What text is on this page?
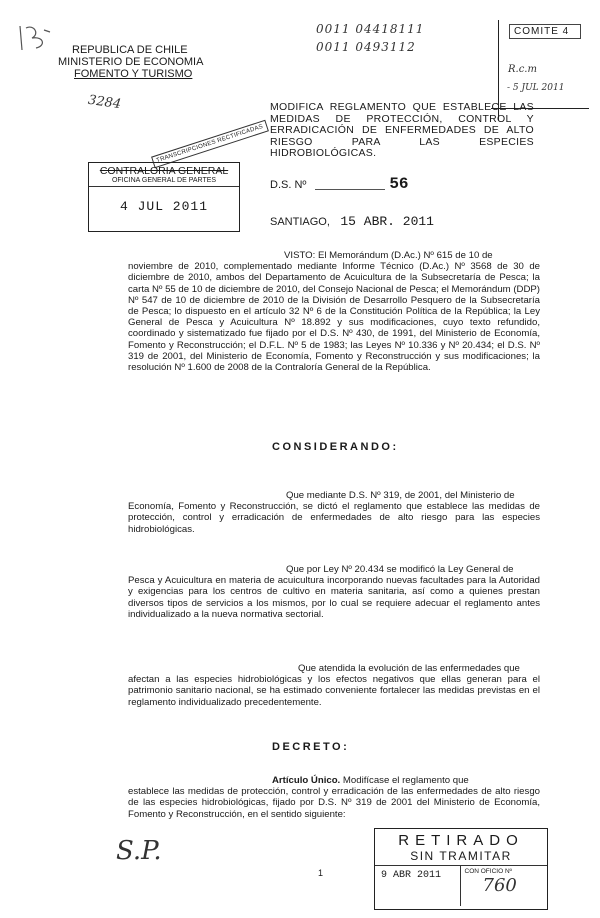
REPUBLICA DE CHILE
MINISTERIO DE ECONOMIA
FOMENTO Y TURISMO
0011 04418111
0011 0493112
COMITE 4
- 5 JUL 2011
R.c.m
3284	MODIFICA REGLAMENTO QUE ESTABLECE LAS MEDIDAS DE PROTECCIÓN, CONTROL Y ERRADICACIÓN DE ENFERMEDADES DE ALTO RIESGO PARA LAS ESPECIES HIDROBIOLÓGICAS.
TRANSCRIPCIONES RECTIFICADAS
CONTRALORIA GENERAL
OFICINA GENERAL DE PARTES
4 JUL 2011
D.S. Nº	56
SANTIAGO, 15 ABR. 2011
VISTO: El Memorándum (D.Ac.) Nº 615 de 10 de
noviembre de 2010, complementado mediante Informe Técnico (D.Ac.) Nº 3568 de 30 de diciembre de 2010, ambos del Departamento de Acuicultura de la Subsecretaría de Pesca; la carta Nº 55 de 10 de diciembre de 2010, del Consejo Nacional de Pesca; el Memorándum (DDP) Nº 547 de 10 de diciembre de 2010 de la División de Desarrollo Pesquero de la Subsecretaría de Pesca; lo dispuesto en el artículo 32 Nº 6 de la Constitución Política de la República; la Ley General de Pesca y Acuicultura Nº 18.892 y sus modificaciones, cuyo texto refundido, coordinado y sistematizado fue fijado por el D.S. Nº 430, de 1991, del Ministerio de Economía, Fomento y Reconstrucción; el D.F.L. Nº 5 de 1983; las Leyes Nº 10.336 y Nº 20.434; el D.S. Nº 319 de 2001, del Ministerio de Economía, Fomento y Reconstrucción y sus modificaciones; la resolución Nº 1.600 de 2008 de la Contraloría General de la República.
CONSIDERANDO:
Que mediante D.S. Nº 319, de 2001, del Ministerio de
Economía, Fomento y Reconstrucción, se dictó el reglamento que establece las medidas de protección, control y erradicación de enfermedades de alto riesgo para las especies hidrobiológicas.
Que por Ley Nº 20.434 se modificó la Ley General de
Pesca y Acuicultura en materia de acuicultura incorporando nuevas facultades para la Autoridad y exigencias para los centros de cultivo en materia sanitaria, así como a quienes prestan diversos tipos de servicios a los mismos, por lo cual se requiere adecuar el reglamento antes individualizado a la nueva normativa sectorial.
Que atendida la evolución de las enfermedades que
afectan a las especies hidrobiológicas y los efectos negativos que ellas generan para el patrimonio sanitario nacional, se ha estimado conveniente fortalecer las medidas previstas en el reglamento individualizado precedentemente.
DECRETO:
Artículo Único. Modifícase el reglamento que
establece las medidas de protección, control y erradicación de las enfermedades de alto riesgo de las especies hidrobiológicas, fijado por D.S. Nº 319 de 2001 del Ministerio de Economía, Fomento y Reconstrucción, en el sentido siguiente:
S.P.
1
RETIRADO
SIN TRAMITAR
9 ABR 2011	CON OFICIO Nº
760
